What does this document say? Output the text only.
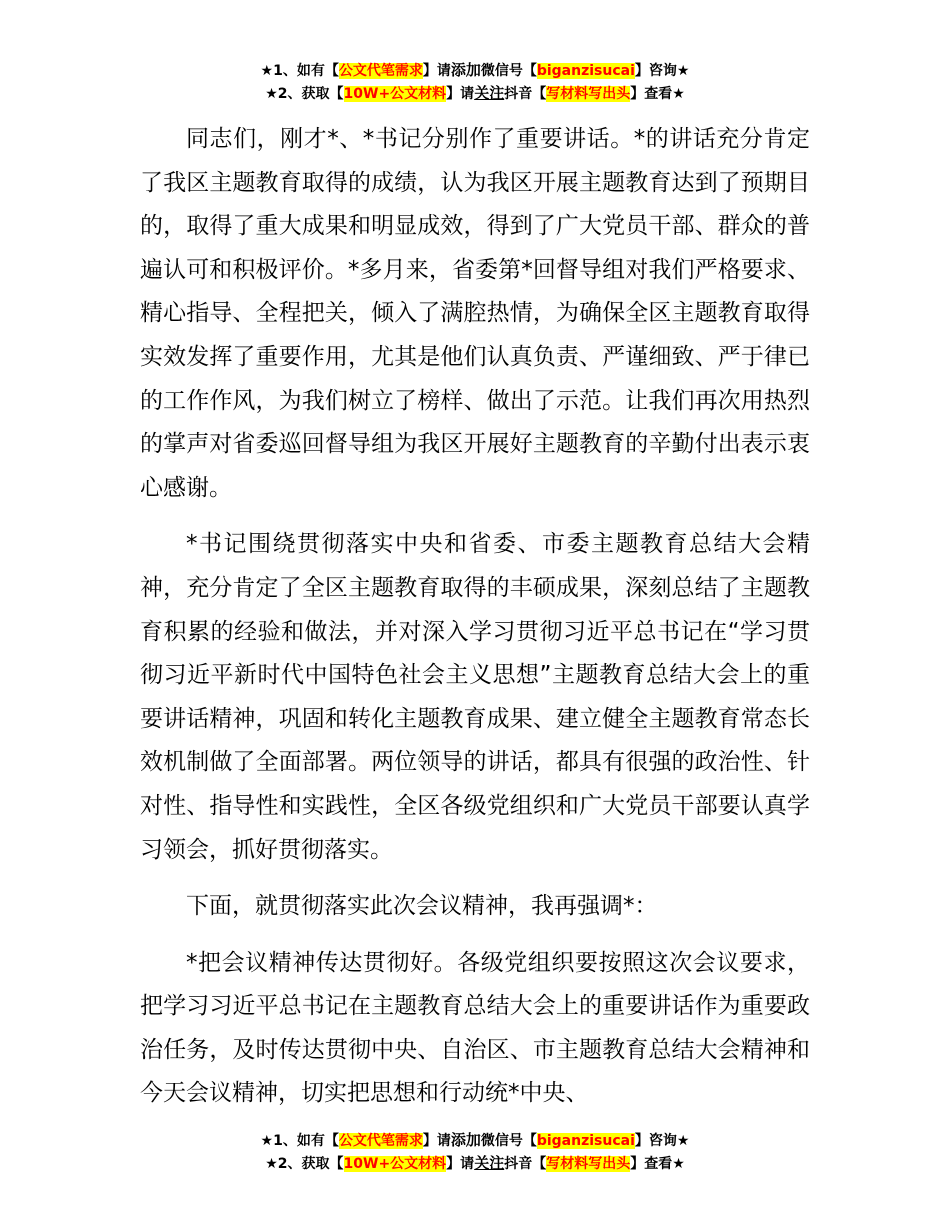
★1、如有【公文代笔需求】请添加微信号【biganzisucai】咨询★
★2、获取【10W+公文材料】请关注抖音【写材料写出头】查看★

同志们，刚才*、*书记分别作了重要讲话。*的讲话充分肯定了我区主题教育取得的成绩，认为我区开展主题教育达到了预期目的，取得了重大成果和明显成效，得到了广大党员干部、群众的普遍认可和积极评价。*多月来，省委第*回督导组对我们严格要求、精心指导、全程把关，倾入了满腔热情，为确保全区主题教育取得实效发挥了重要作用，尤其是他们认真负责、严谨细致、严于律已的工作作风，为我们树立了榜样、做出了示范。让我们再次用热烈的掌声对省委巡回督导组为我区开展好主题教育的辛勤付出表示衷心感谢。

*书记围绕贯彻落实中央和省委、市委主题教育总结大会精神，充分肯定了全区主题教育取得的丰硕成果，深刻总结了主题教育积累的经验和做法，并对深入学习贯彻习近平总书记在“学习贯彻习近平新时代中国特色社会主义思想”主题教育总结大会上的重要讲话精神，巩固和转化主题教育成果、建立健全主题教育常态长效机制做了全面部署。两位领导的讲话，都具有很强的政治性、针对性、指导性和实践性，全区各级党组织和广大党员干部要认真学习领会，抓好贯彻落实。

下面，就贯彻落实此次会议精神，我再强调*：

*把会议精神传达贯彻好。各级党组织要按照这次会议要求，把学习习近平总书记在主题教育总结大会上的重要讲话作为重要政治任务，及时传达贯彻中央、自治区、市主题教育总结大会精神和今天会议精神，切实把思想和行动统*中央、

★1、如有【公文代笔需求】请添加微信号【biganzisucai】咨询★
★2、获取【10W+公文材料】请关注抖音【写材料写出头】查看★
